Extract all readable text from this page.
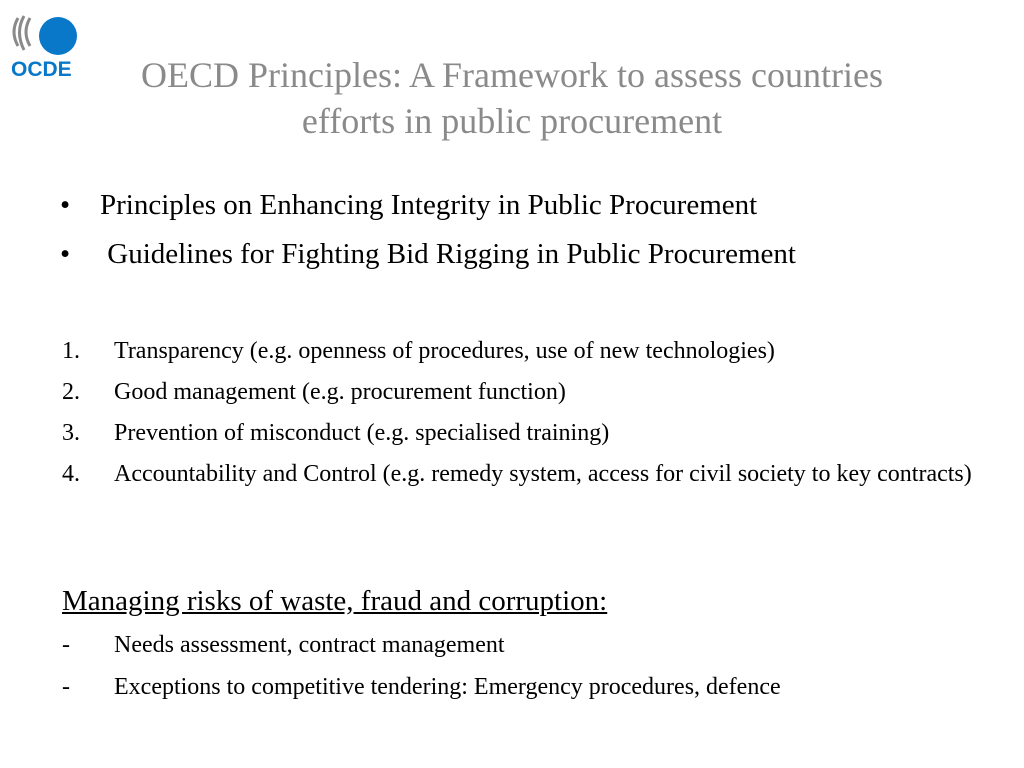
OCDE	OECD Principles: A Framework to assess countries
efforts in public procurement
•	Principles on Enhancing Integrity in Public Procurement
•	Guidelines for Fighting Bid Rigging in Public Procurement
1.	Transparency (e.g. openness of procedures, use of new technologies)
2.	Good management (e.g. procurement function)
3.	Prevention of misconduct (e.g. specialised training)
4.	Accountability and Control (e.g. remedy system, access for civil society to key contracts)
Managing risks of waste, fraud and corruption:
-	Needs assessment, contract management
-	Exceptions to competitive tendering: Emergency procedures, defence
